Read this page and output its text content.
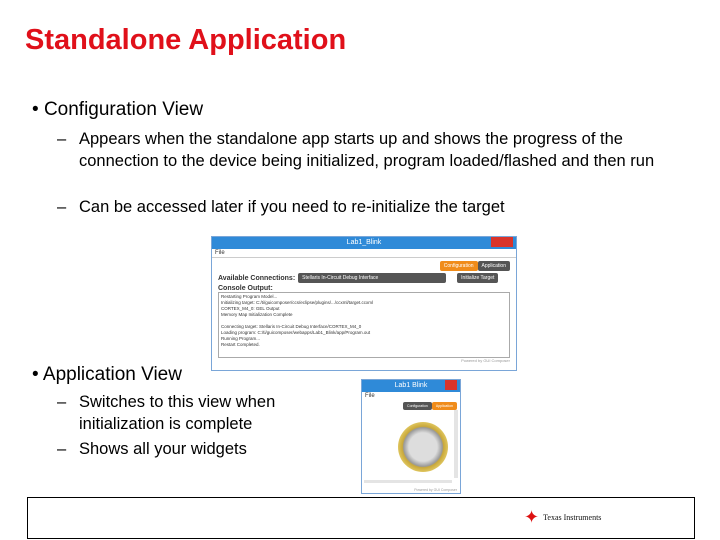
Standalone Application
• Configuration View
– Appears when the standalone app starts up and shows the progress of the connection to the device being initialized, program loaded/flashed and then run
– Can be accessed later if you need to re-initialize the target
• Application View
– Switches to this view when initialization is complete
– Shows all your widgets
Lab1_Blink
File
Configuration Application
Available Connections:	Stellaris In-Circuit Debug Interface	Initialize Target
Console Output:
Restarting Program Model...
Initializing target: C:/ti/guicomposer/ccs/eclipse/plugins/.../ccxml/target.ccxml
CORTEX_M4_0: GEL Output
Memory Map Initialization Complete
Connecting target: Stellaris In-Circuit Debug Interface/CORTEX_M4_0
Loading program: C:/ti/guicomposer/webapps/Lab1_Blink/app/Program.out
Running Program...
Restart Completed.
Powered by GUI Composer
Lab1 Blink
File
Configuration Application
Powered by GUI Composer
✦ Texas Instruments
